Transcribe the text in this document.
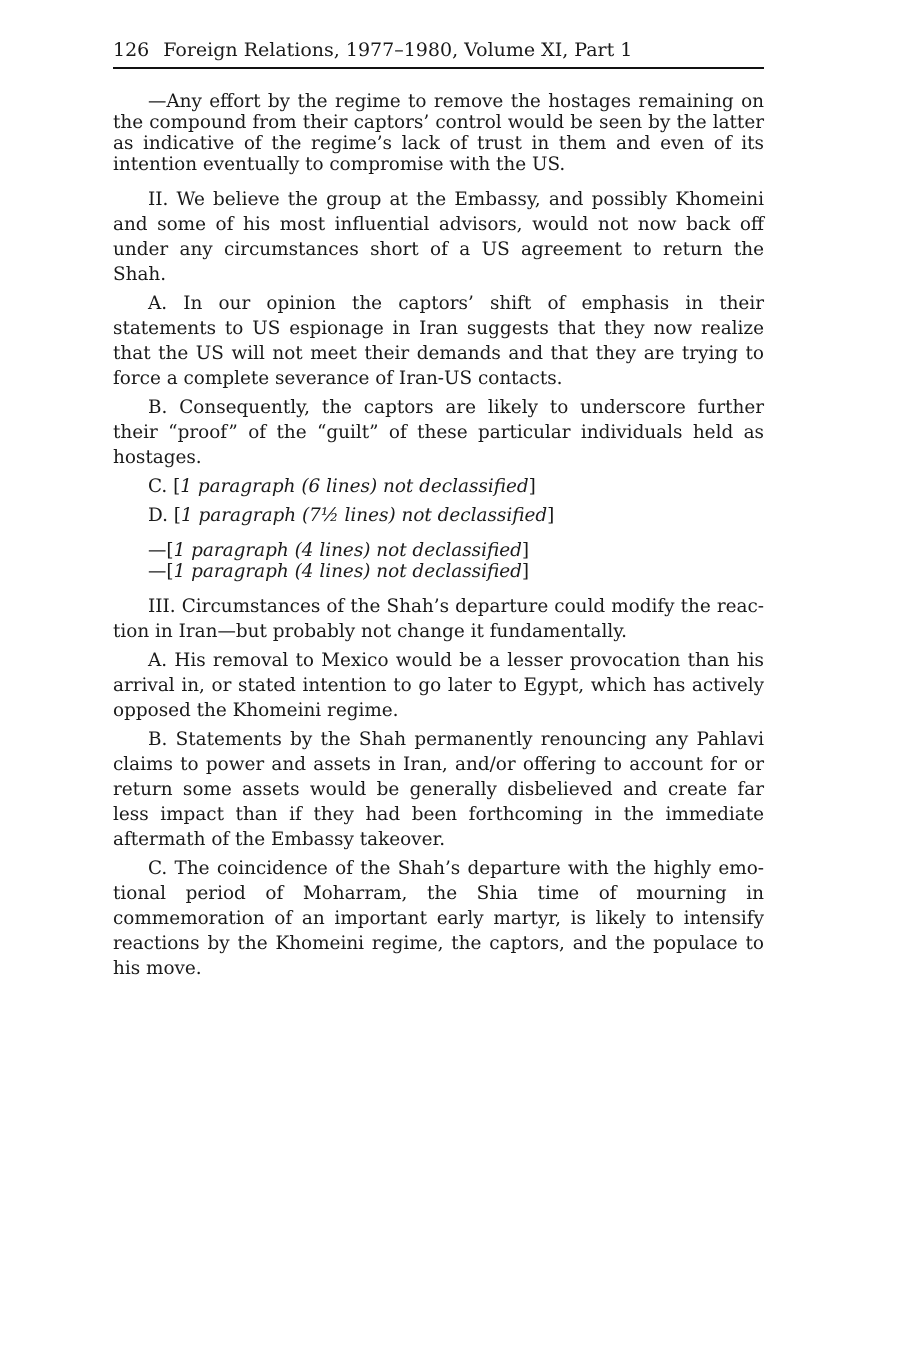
126 Foreign Relations, 1977–1980, Volume XI, Part 1

—Any effort by the regime to remove the hostages remaining on the compound from their captors’ control would be seen by the latter as indicative of the regime’s lack of trust in them and even of its intention eventually to compromise with the US.

II. We believe the group at the Embassy, and possibly Khomeini and some of his most influential advisors, would not now back off under any circumstances short of a US agreement to return the Shah.

A. In our opinion the captors’ shift of emphasis in their statements to US espionage in Iran suggests that they now realize that the US will not meet their demands and that they are trying to force a complete severance of Iran-US contacts.

B. Consequently, the captors are likely to underscore further their “proof” of the “guilt” of these particular individuals held as hostages.

C. [1 paragraph (6 lines) not declassified]

D. [1 paragraph (7½ lines) not declassified]

—[1 paragraph (4 lines) not declassified]

—[1 paragraph (4 lines) not declassified]

III. Circumstances of the Shah’s departure could modify the reaction in Iran—but probably not change it fundamentally.

A. His removal to Mexico would be a lesser provocation than his arrival in, or stated intention to go later to Egypt, which has actively opposed the Khomeini regime.

B. Statements by the Shah permanently renouncing any Pahlavi claims to power and assets in Iran, and/or offering to account for or return some assets would be generally disbelieved and create far less impact than if they had been forthcoming in the immediate aftermath of the Embassy takeover.

C. The coincidence of the Shah’s departure with the highly emotional period of Moharram, the Shia time of mourning in commemoration of an important early martyr, is likely to intensify reactions by the Khomeini regime, the captors, and the populace to his move.
